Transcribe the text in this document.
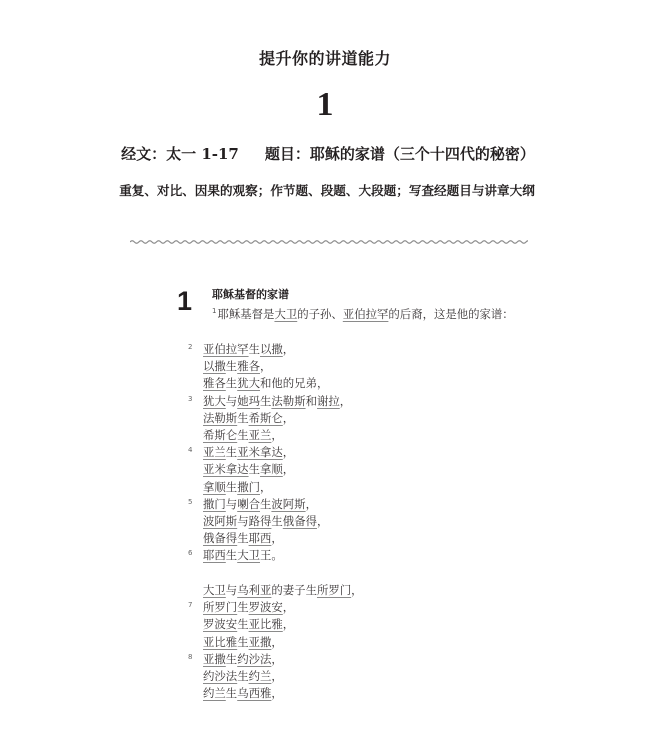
提升你的讲道能力
1
经文：太一 1-17 题目：耶稣的家谱（三个十四代的秘密）
重复、对比、因果的观察；作节题、段题、大段题；写查经题目与讲章大纲
1 耶稣基督的家谱
$^1$耶稣基督是大卫的子孙、亚伯拉罕的后裔，这是他的家谱：
2 亚伯拉罕生以撒，
以撒生雅各，
雅各生犹大和他的兄弟，
3 犹大与她玛生法勒斯和谢拉，
法勒斯生希斯仑，
希斯仑生亚兰，
4 亚兰生亚米拿达，
亚米拿达生拿顺，
拿顺生撒门，
5 撒门与喇合生波阿斯，
波阿斯与路得生俄备得，
俄备得生耶西，
6 耶西生大卫王。
大卫与乌利亚的妻子生所罗门，
7 所罗门生罗波安，
罗波安生亚比雅，
亚比雅生亚撒，
8 亚撒生约沙法，
约沙法生约兰，
约兰生乌西雅，
